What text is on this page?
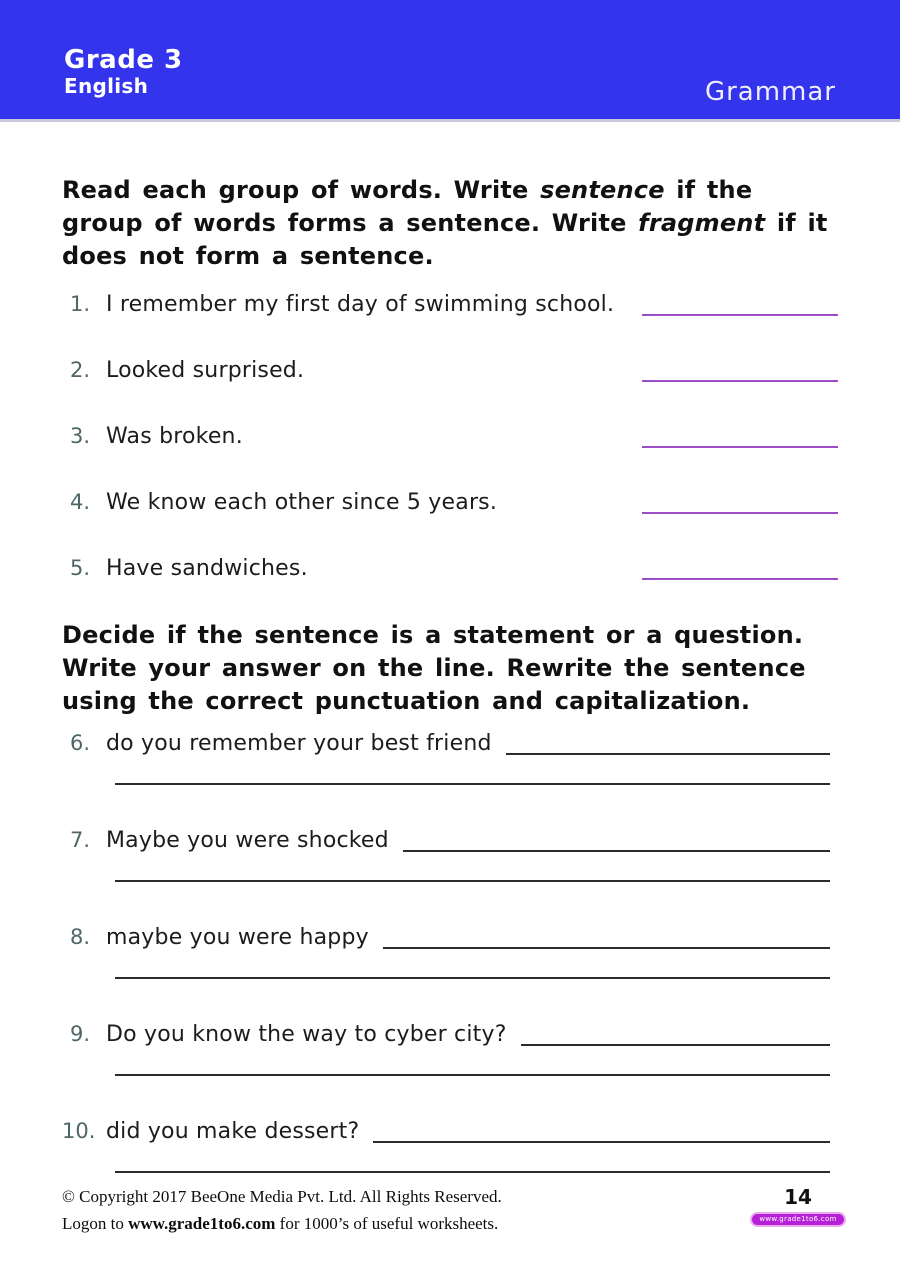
Grade 3
English	Grammar

Read each group of words. Write sentence if the group of words forms a sentence. Write fragment if it does not form a sentence.

1. I remember my first day of swimming school.
2. Looked surprised.
3. Was broken.
4. We know each other since 5 years.
5. Have sandwiches.

Decide if the sentence is a statement or a question. Write your answer on the line. Rewrite the sentence using the correct punctuation and capitalization.

6. do you remember your best friend
7. Maybe you were shocked
8. maybe you were happy
9. Do you know the way to cyber city?
10. did you make dessert?
© Copyright 2017 BeeOne Media Pvt. Ltd. All Rights Reserved.
Logon to www.grade1to6.com for 1000’s of useful worksheets.
14
www.grade1to6.com
